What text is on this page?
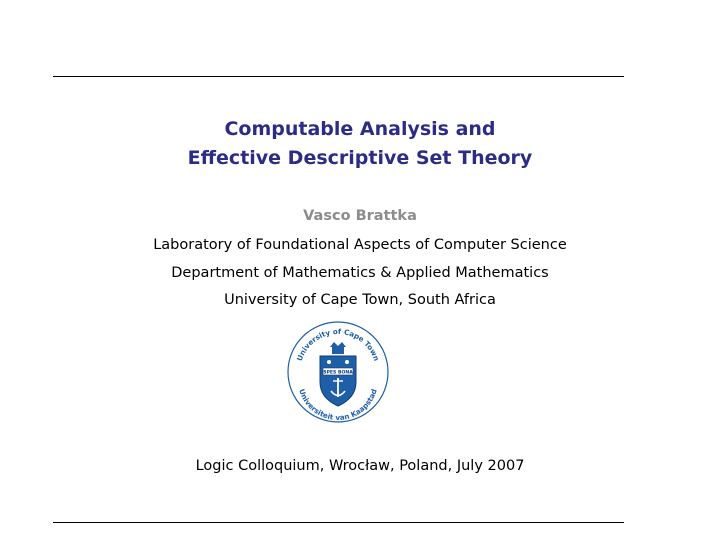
Computable Analysis and
Effective Descriptive Set Theory
Vasco Brattka
Laboratory of Foundational Aspects of Computer Science
Department of Mathematics & Applied Mathematics
University of Cape Town, South Africa
University of Cape Town
Universiteit van Kaapstad
SPES BONA
Logic Colloquium, Wrocław, Poland, July 2007
